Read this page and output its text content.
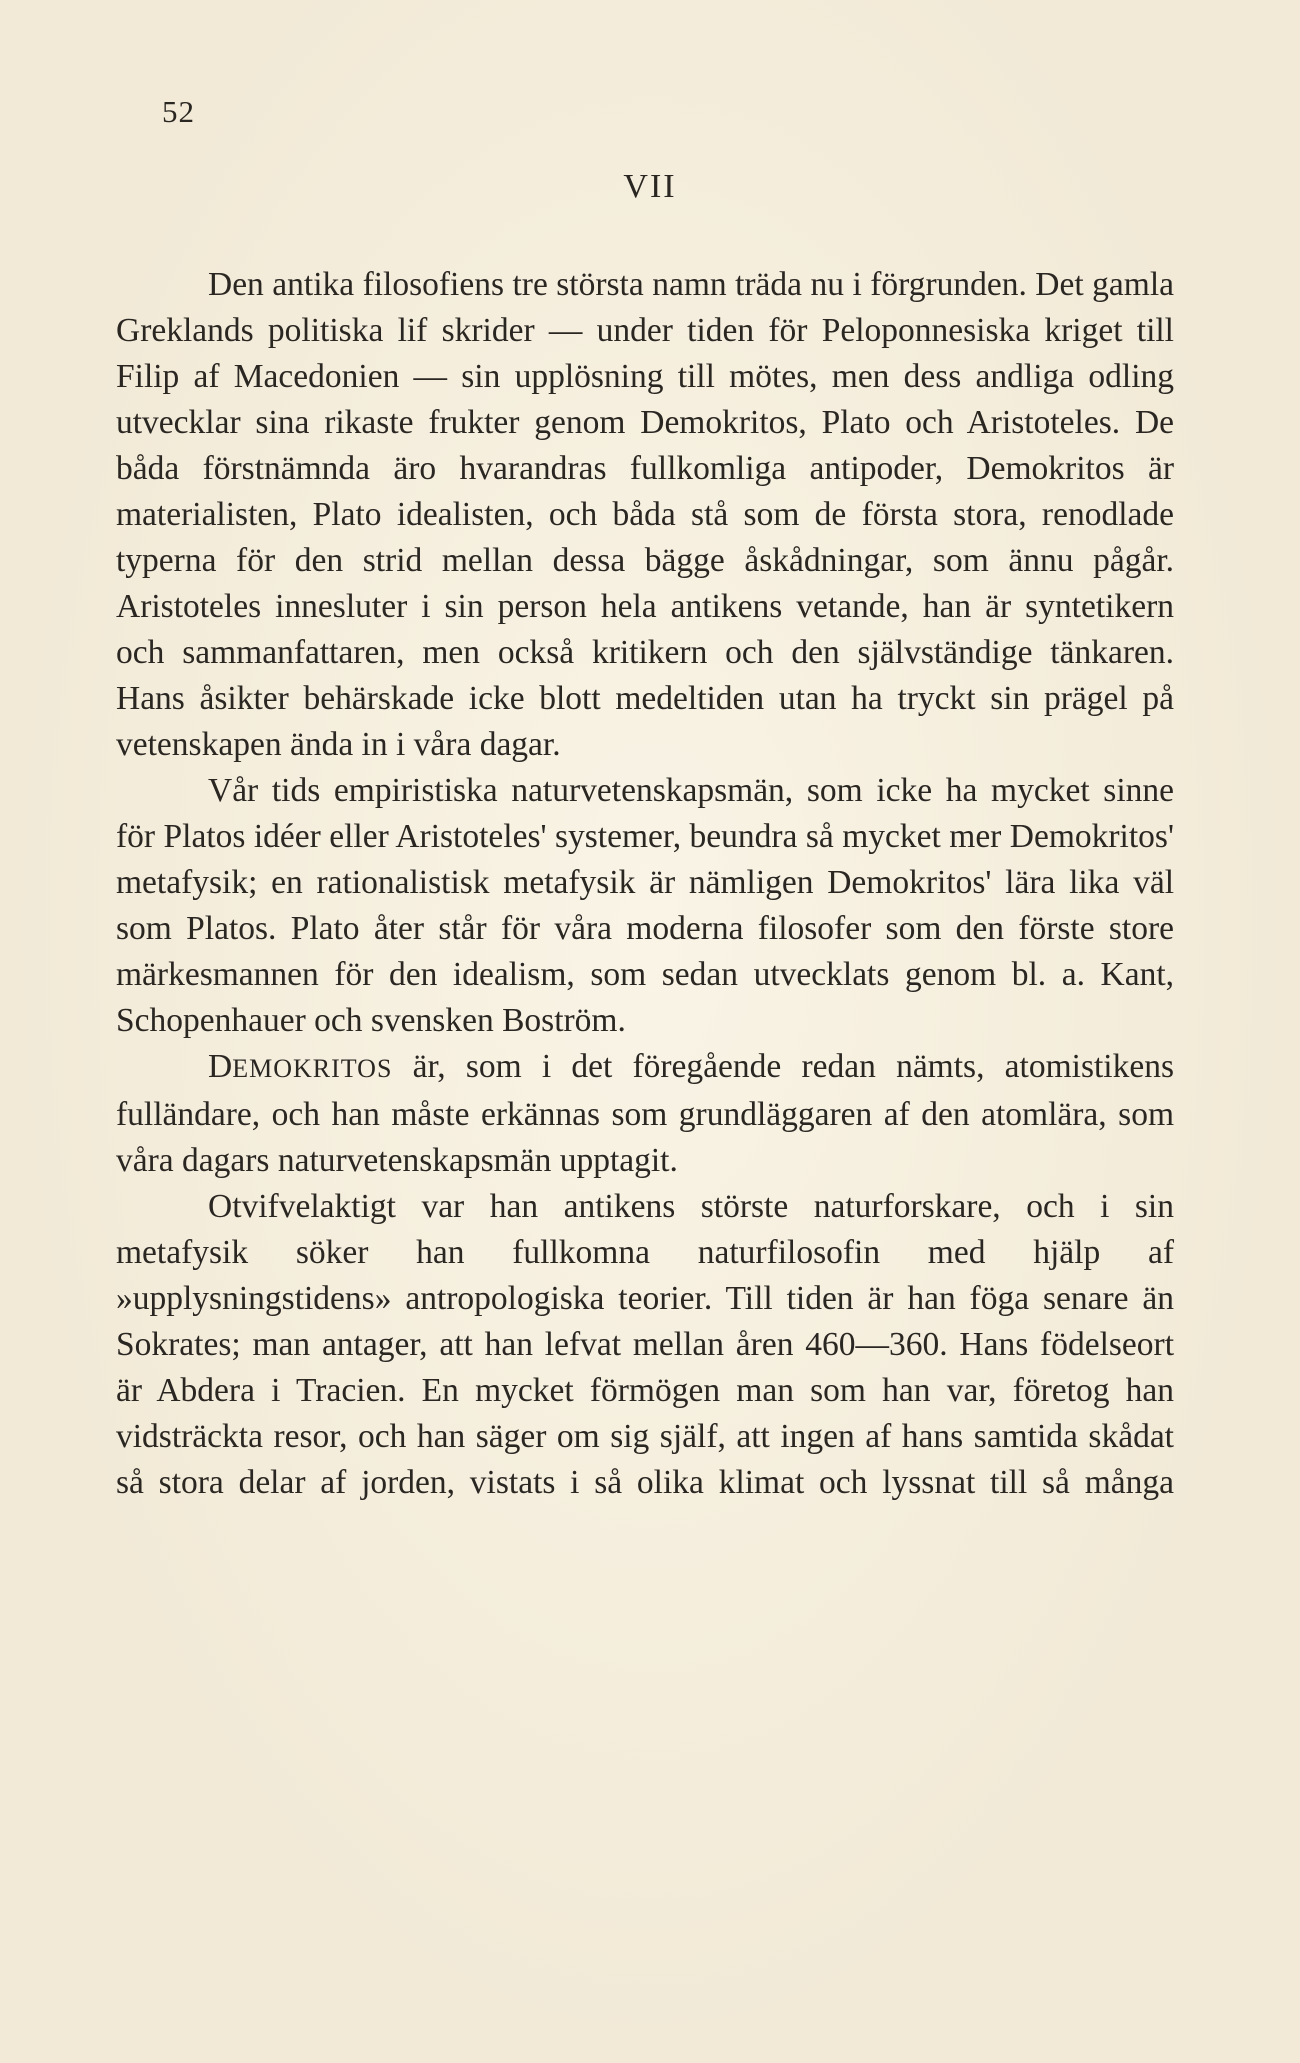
52
VII

Den antika filosofiens tre största namn träda nu i förgrunden. Det gamla Greklands politiska lif skrider — under tiden för Peloponnesiska kriget till Filip af Macedonien — sin upplösning till mötes, men dess andliga odling utvecklar sina rikaste frukter genom Demokritos, Plato och Aristoteles. De båda förstnämnda äro hvarandras fullkomliga antipoder, Demokritos är materialisten, Plato idealisten, och båda stå som de första stora, renodlade typerna för den strid mellan dessa bägge åskådningar, som ännu pågår. Aristoteles innesluter i sin person hela antikens vetande, han är syntetikern och sammanfattaren, men också kritikern och den självständige tänkaren. Hans åsikter behärskade icke blott medeltiden utan ha tryckt sin prägel på vetenskapen ända in i våra dagar.

Vår tids empiristiska naturvetenskapsmän, som icke ha mycket sinne för Platos idéer eller Aristoteles' systemer, beundra så mycket mer Demokritos' metafysik; en rationalistisk metafysik är nämligen Demokritos' lära lika väl som Platos. Plato åter står för våra moderna filosofer som den förste store märkesmannen för den idealism, som sedan utvecklats genom bl. a. Kant, Schopenhauer och svensken Boström.

DEMOKRITOS är, som i det föregående redan nämts, atomistikens fulländare, och han måste erkännas som grundläggaren af den atomlära, som våra dagars naturvetenskapsmän upptagit.

Otvifvelaktigt var han antikens störste naturforskare, och i sin metafysik söker han fullkomna naturfilosofin med hjälp af »upplysningstidens» antropologiska teorier. Till tiden är han föga senare än Sokrates; man antager, att han lefvat mellan åren 460—360. Hans födelseort är Abdera i Tracien. En mycket förmögen man som han var, företog han vidsträckta resor, och han säger om sig själf, att ingen af hans samtida skådat så stora delar af jorden, vistats i så olika klimat och lyssnat till så många
